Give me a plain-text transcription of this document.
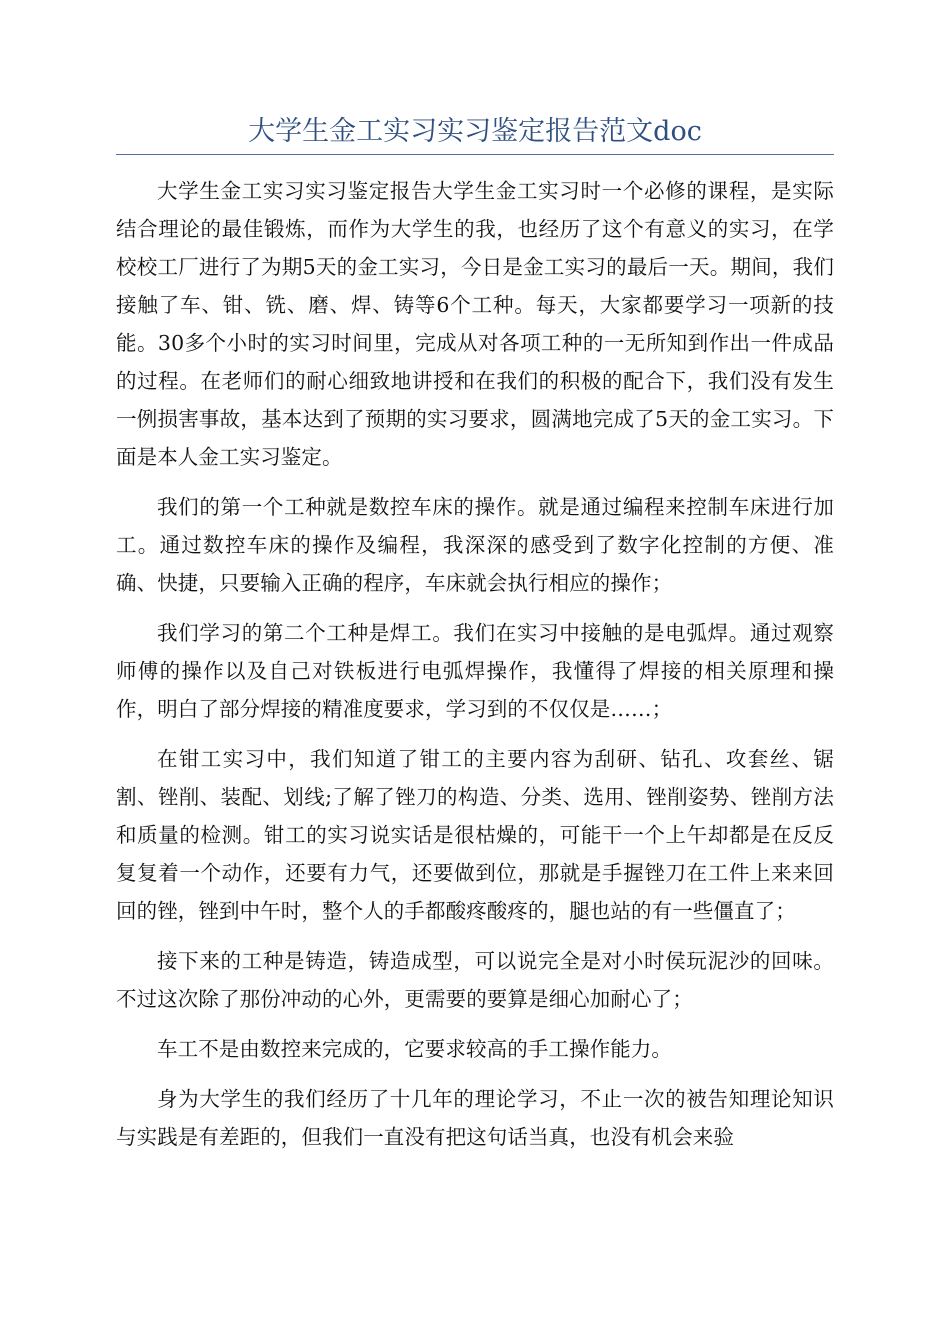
大学生金工实习实习鉴定报告范文doc

大学生金工实习实习鉴定报告大学生金工实习时一个必修的课程，是实际结合理论的最佳锻炼，而作为大学生的我，也经历了这个有意义的实习，在学校校工厂进行了为期5天的金工实习，今日是金工实习的最后一天。期间，我们接触了车、钳、铣、磨、焊、铸等6个工种。每天，大家都要学习一项新的技能。30多个小时的实习时间里，完成从对各项工种的一无所知到作出一件成品的过程。在老师们的耐心细致地讲授和在我们的积极的配合下，我们没有发生一例损害事故，基本达到了预期的实习要求，圆满地完成了5天的金工实习。下面是本人金工实习鉴定。

我们的第一个工种就是数控车床的操作。就是通过编程来控制车床进行加工。通过数控车床的操作及编程，我深深的感受到了数字化控制的方便、准确、快捷，只要输入正确的程序，车床就会执行相应的操作；

我们学习的第二个工种是焊工。我们在实习中接触的是电弧焊。通过观察师傅的操作以及自己对铁板进行电弧焊操作，我懂得了焊接的相关原理和操作，明白了部分焊接的精准度要求，学习到的不仅仅是……；

在钳工实习中，我们知道了钳工的主要内容为刮研、钻孔、攻套丝、锯割、锉削、装配、划线;了解了锉刀的构造、分类、选用、锉削姿势、锉削方法和质量的检测。钳工的实习说实话是很枯燥的，可能干一个上午却都是在反反复复着一个动作，还要有力气，还要做到位，那就是手握锉刀在工件上来来回回的锉，锉到中午时，整个人的手都酸疼酸疼的，腿也站的有一些僵直了；

接下来的工种是铸造，铸造成型，可以说完全是对小时侯玩泥沙的回味。不过这次除了那份冲动的心外，更需要的要算是细心加耐心了；

车工不是由数控来完成的，它要求较高的手工操作能力。

身为大学生的我们经历了十几年的理论学习，不止一次的被告知理论知识与实践是有差距的，但我们一直没有把这句话当真，也没有机会来验
